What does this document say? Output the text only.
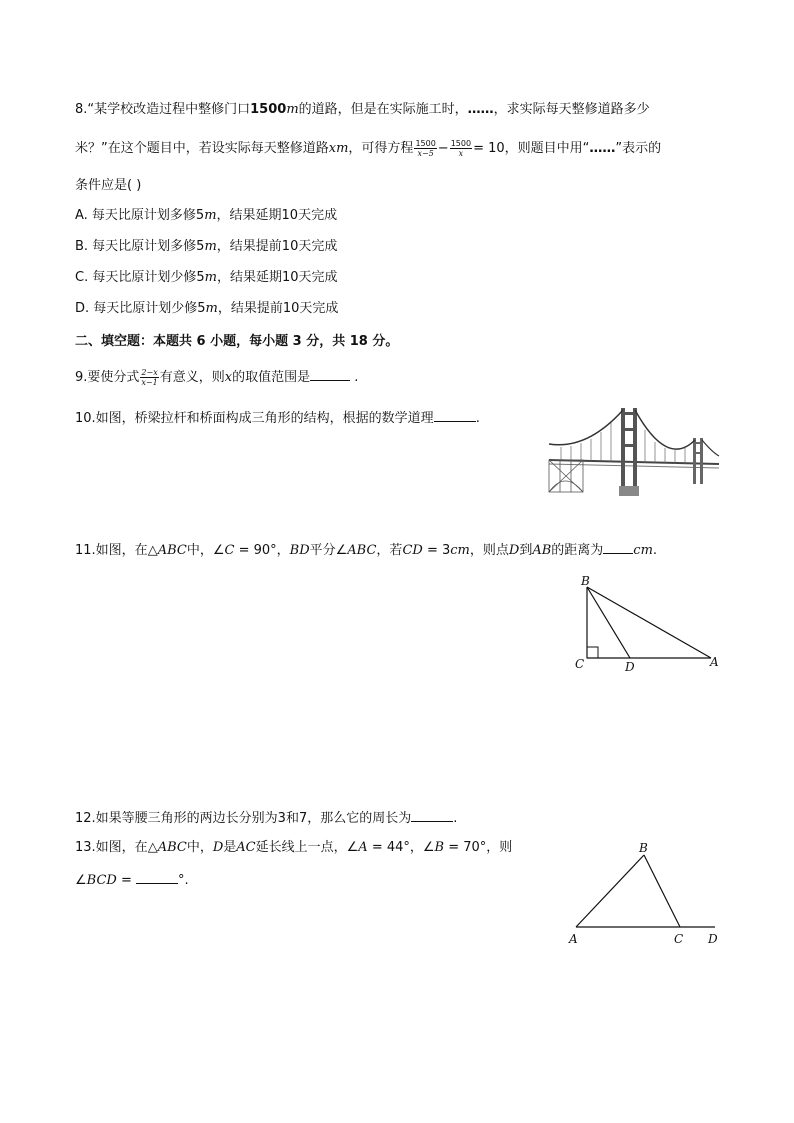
8.“某学校改造过程中整修门口1500m的道路，但是在实际施工时，……，求实际每天整修道路多少
米？”在这个题目中，若设实际每天整修道路xm，可得方程 $\frac{1500}{x-5} - \frac{1500}{x} = 10$，则题目中用“……”表示的
条件应是( )
A. 每天比原计划多修5m，结果延期10天完成
B. 每天比原计划多修5m，结果提前10天完成
C. 每天比原计划少修5m，结果延期10天完成
D. 每天比原计划少修5m，结果提前10天完成
二、填空题：本题共 6 小题，每小题 3 分，共 18 分。
9.要使分式 $\frac{2-x}{x-1}$ 有意义，则x的取值范围是	.
10.如图，桥梁拉杆和桥面构成三角形的结构，根据的数学道理	.
11.如图，在△ABC中，∠C = 90°，BD平分∠ABC，若CD = 3cm，则点D到AB的距离为 cm.
B
C	D	A
12.如果等腰三角形的两边长分别为3和7，那么它的周长为	.
13.如图，在△ABC中，D是AC延长线上一点，∠A = 44°，∠B = 70°，则
∠BCD =	°.
B
A	C D
